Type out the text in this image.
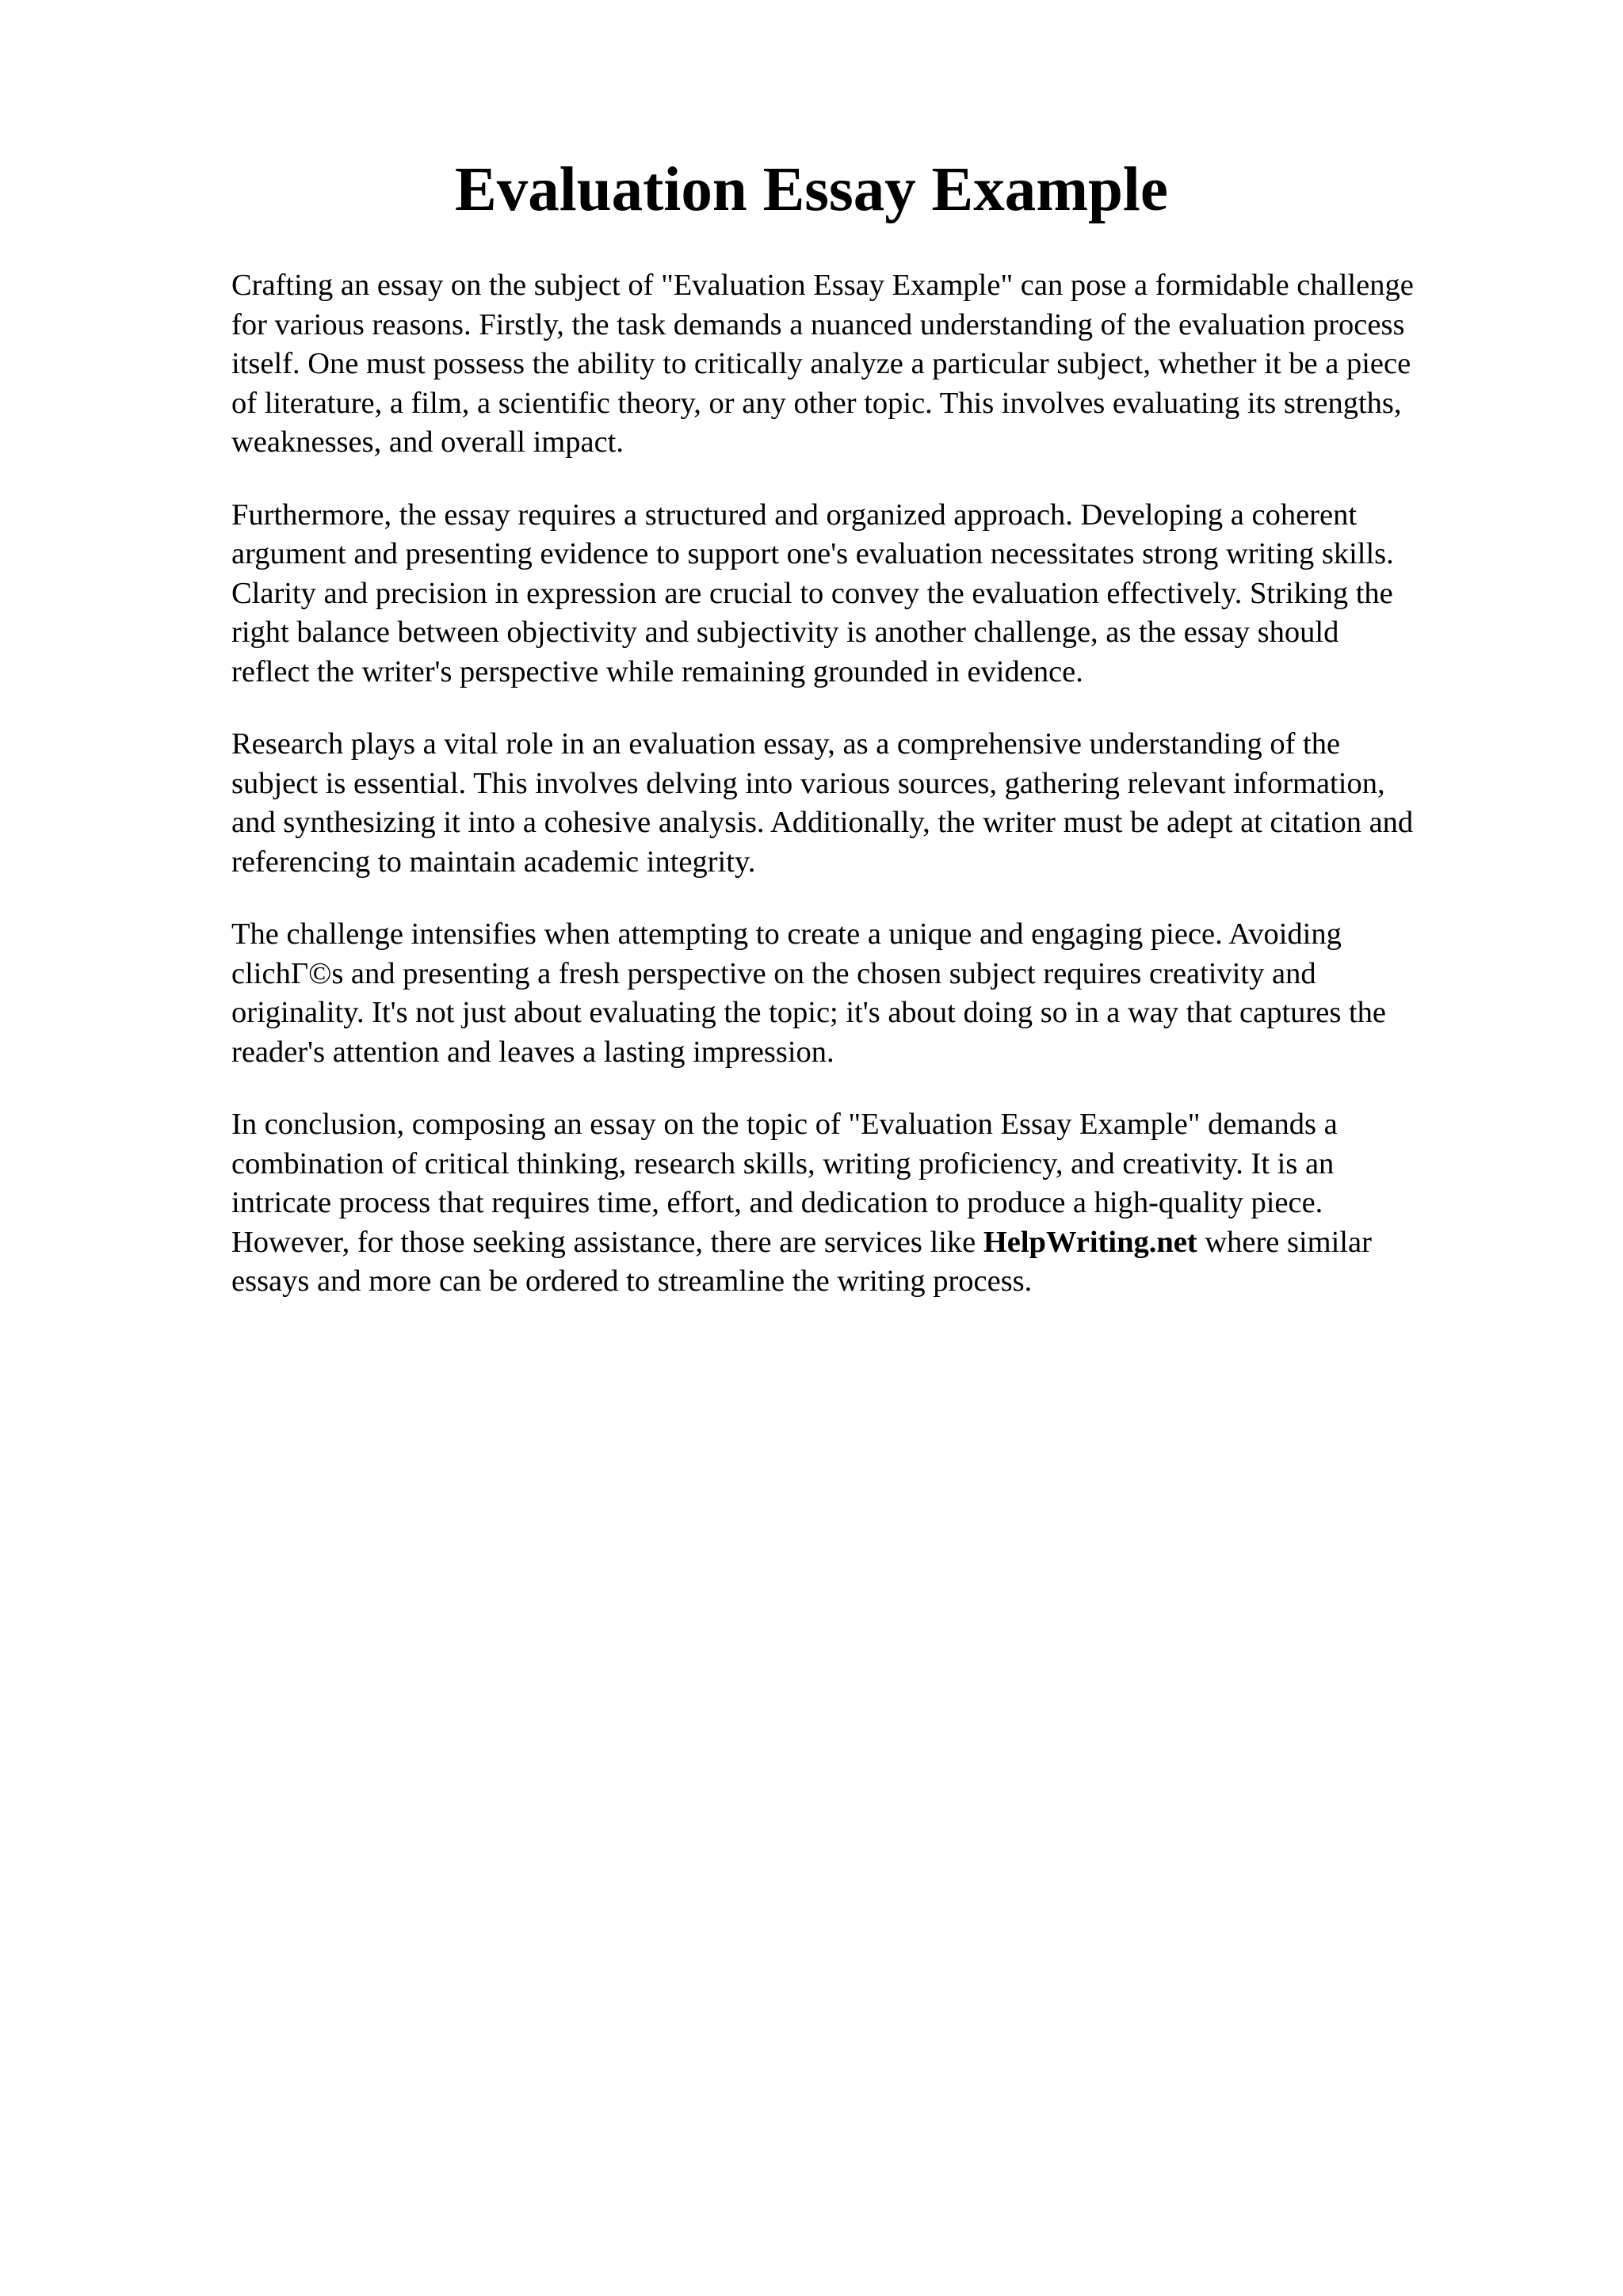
Evaluation Essay Example

Crafting an essay on the subject of "Evaluation Essay Example" can pose a formidable challenge
for various reasons. Firstly, the task demands a nuanced understanding of the evaluation process
itself. One must possess the ability to critically analyze a particular subject, whether it be a piece
of literature, a film, a scientific theory, or any other topic. This involves evaluating its strengths,
weaknesses, and overall impact.

Furthermore, the essay requires a structured and organized approach. Developing a coherent
argument and presenting evidence to support one's evaluation necessitates strong writing skills.
Clarity and precision in expression are crucial to convey the evaluation effectively. Striking the
right balance between objectivity and subjectivity is another challenge, as the essay should
reflect the writer's perspective while remaining grounded in evidence.

Research plays a vital role in an evaluation essay, as a comprehensive understanding of the
subject is essential. This involves delving into various sources, gathering relevant information,
and synthesizing it into a cohesive analysis. Additionally, the writer must be adept at citation and
referencing to maintain academic integrity.

The challenge intensifies when attempting to create a unique and engaging piece. Avoiding
clichГ©s and presenting a fresh perspective on the chosen subject requires creativity and
originality. It's not just about evaluating the topic; it's about doing so in a way that captures the
reader's attention and leaves a lasting impression.

In conclusion, composing an essay on the topic of "Evaluation Essay Example" demands a
combination of critical thinking, research skills, writing proficiency, and creativity. It is an
intricate process that requires time, effort, and dedication to produce a high-quality piece.
However, for those seeking assistance, there are services like HelpWriting.net where similar
essays and more can be ordered to streamline the writing process.
